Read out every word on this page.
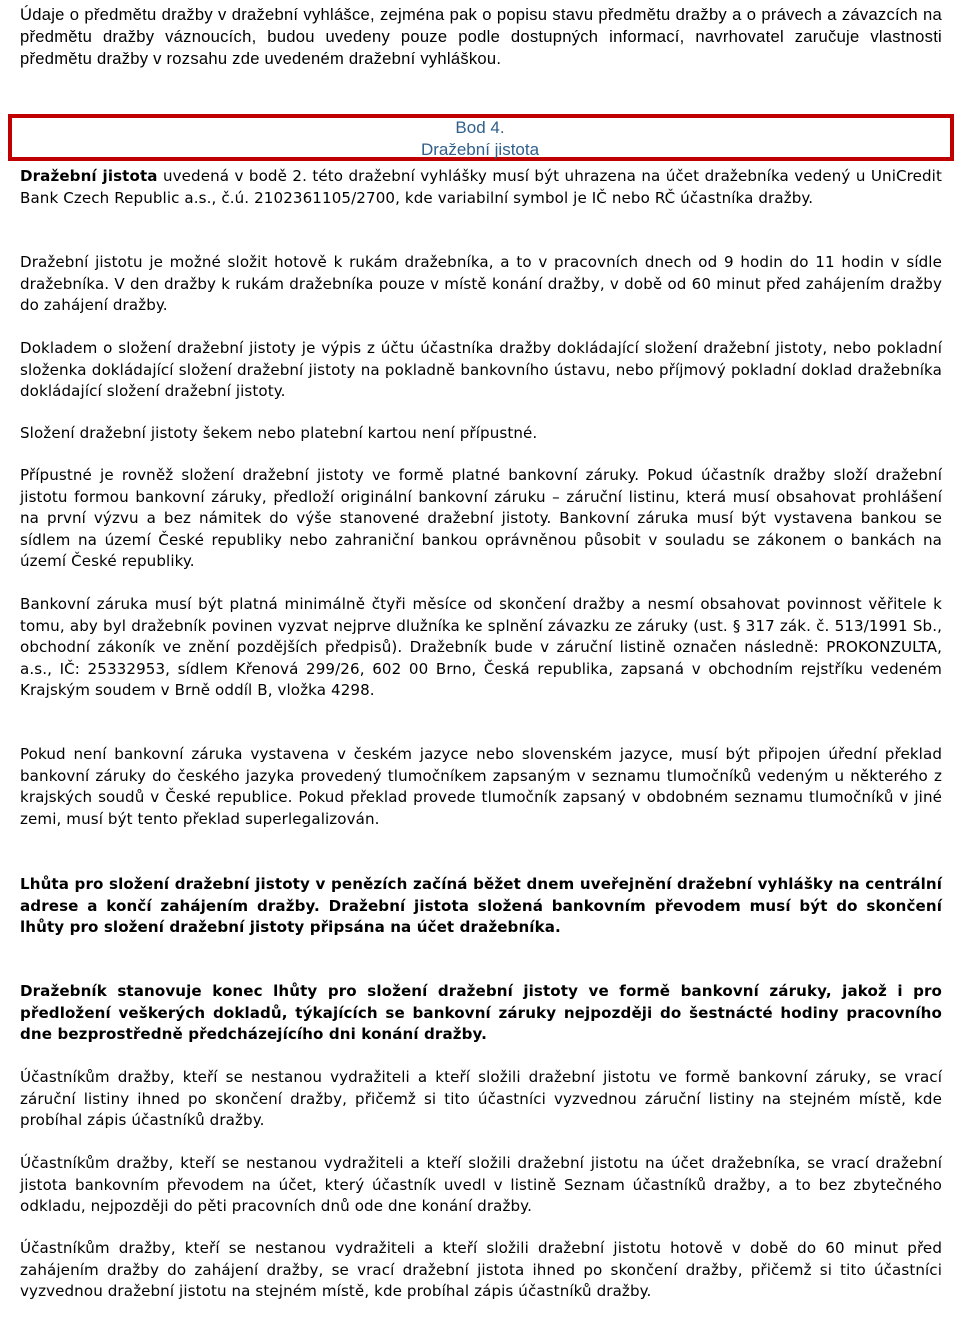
Údaje o předmětu dražby v dražební vyhlášce, zejména pak o popisu stavu předmětu dražby a o právech a závazcích na předmětu dražby váznoucích, budou uvedeny pouze podle dostupných informací, navrhovatel zaručuje vlastnosti předmětu dražby v rozsahu zde uvedeném dražební vyhláškou.

Bod 4.

Dražební jistota

Dražební jistota uvedená v bodě 2. této dražební vyhlášky musí být uhrazena na účet dražebníka vedený u UniCredit Bank Czech Republic a.s., č.ú. 2102361105/2700, kde variabilní symbol je IČ nebo RČ účastníka dražby.

Dražební jistotu je možné složit hotově k rukám dražebníka, a to v pracovních dnech od 9 hodin do 11 hodin v sídle dražebníka. V den dražby k rukám dražebníka pouze v místě konání dražby, v době od 60 minut před zahájením dražby do zahájení dražby.

Dokladem o složení dražební jistoty je výpis z účtu účastníka dražby dokládající složení dražební jistoty, nebo pokladní složenka dokládající složení dražební jistoty na pokladně bankovního ústavu, nebo příjmový pokladní doklad dražebníka dokládající složení dražební jistoty.

Složení dražební jistoty šekem nebo platební kartou není přípustné.

Přípustné je rovněž složení dražební jistoty ve formě platné bankovní záruky. Pokud účastník dražby složí dražební jistotu formou bankovní záruky, předloží originální bankovní záruku – záruční listinu, která musí obsahovat prohlášení na první výzvu a bez námitek do výše stanovené dražební jistoty. Bankovní záruka musí být vystavena bankou se sídlem na území České republiky nebo zahraniční bankou oprávněnou působit v souladu se zákonem o bankách na území České republiky.

Bankovní záruka musí být platná minimálně čtyři měsíce od skončení dražby a nesmí obsahovat povinnost věřitele k tomu, aby byl dražebník povinen vyzvat nejprve dlužníka ke splnění závazku ze záruky (ust. § 317 zák. č. 513/1991 Sb., obchodní zákoník ve znění pozdějších předpisů). Dražebník bude v záruční listině označen následně: PROKONZULTA, a.s., IČ: 25332953, sídlem Křenová 299/26, 602 00 Brno, Česká republika, zapsaná v obchodním rejstříku vedeném Krajským soudem v Brně oddíl B, vložka 4298.

Pokud není bankovní záruka vystavena v českém jazyce nebo slovenském jazyce, musí být připojen úřední překlad bankovní záruky do českého jazyka provedený tlumočníkem zapsaným v seznamu tlumočníků vedeným u některého z krajských soudů v České republice. Pokud překlad provede tlumočník zapsaný v obdobném seznamu tlumočníků v jiné zemi, musí být tento překlad superlegalizován.

Lhůta pro složení dražební jistoty v penězích začíná běžet dnem uveřejnění dražební vyhlášky na centrální adrese a končí zahájením dražby. Dražební jistota složená bankovním převodem musí být do skončení lhůty pro složení dražební jistoty připsána na účet dražebníka.

Dražebník stanovuje konec lhůty pro složení dražební jistoty ve formě bankovní záruky, jakož i pro předložení veškerých dokladů, týkajících se bankovní záruky nejpozději do šestnácté hodiny pracovního dne bezprostředně předcházejícího dni konání dražby.

Účastníkům dražby, kteří se nestanou vydražiteli a kteří složili dražební jistotu ve formě bankovní záruky, se vrací záruční listiny ihned po skončení dražby, přičemž si tito účastníci vyzvednou záruční listiny na stejném místě, kde probíhal zápis účastníků dražby.

Účastníkům dražby, kteří se nestanou vydražiteli a kteří složili dražební jistotu na účet dražebníka, se vrací dražební jistota bankovním převodem na účet, který účastník uvedl v listině Seznam účastníků dražby, a to bez zbytečného odkladu, nejpozději do pěti pracovních dnů ode dne konání dražby.

Účastníkům dražby, kteří se nestanou vydražiteli a kteří složili dražební jistotu hotově v době do 60 minut před zahájením dražby do zahájení dražby, se vrací dražební jistota ihned po skončení dražby, přičemž si tito účastníci vyzvednou dražební jistotu na stejném místě, kde probíhal zápis účastníků dražby.
